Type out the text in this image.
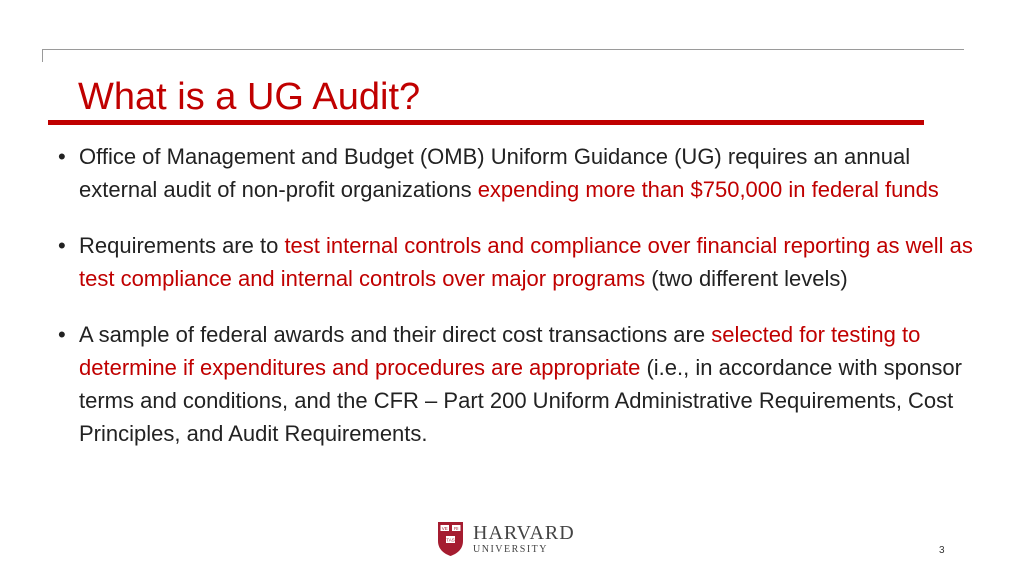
What is a UG Audit?
• Office of Management and Budget (OMB) Uniform Guidance (UG) requires an annual external audit of non-profit organizations expending more than $750,000 in federal funds
• Requirements are to test internal controls and compliance over financial reporting as well as test compliance and internal controls over major programs (two different levels)
• A sample of federal awards and their direct cost transactions are selected for testing to determine if expenditures and procedures are appropriate (i.e., in accordance with sponsor terms and conditions, and the CFR – Part 200 Uniform Administrative Requirements, Cost Principles, and Audit Requirements.
VE RI
TAS HARVARD
UNIVERSITY	3
